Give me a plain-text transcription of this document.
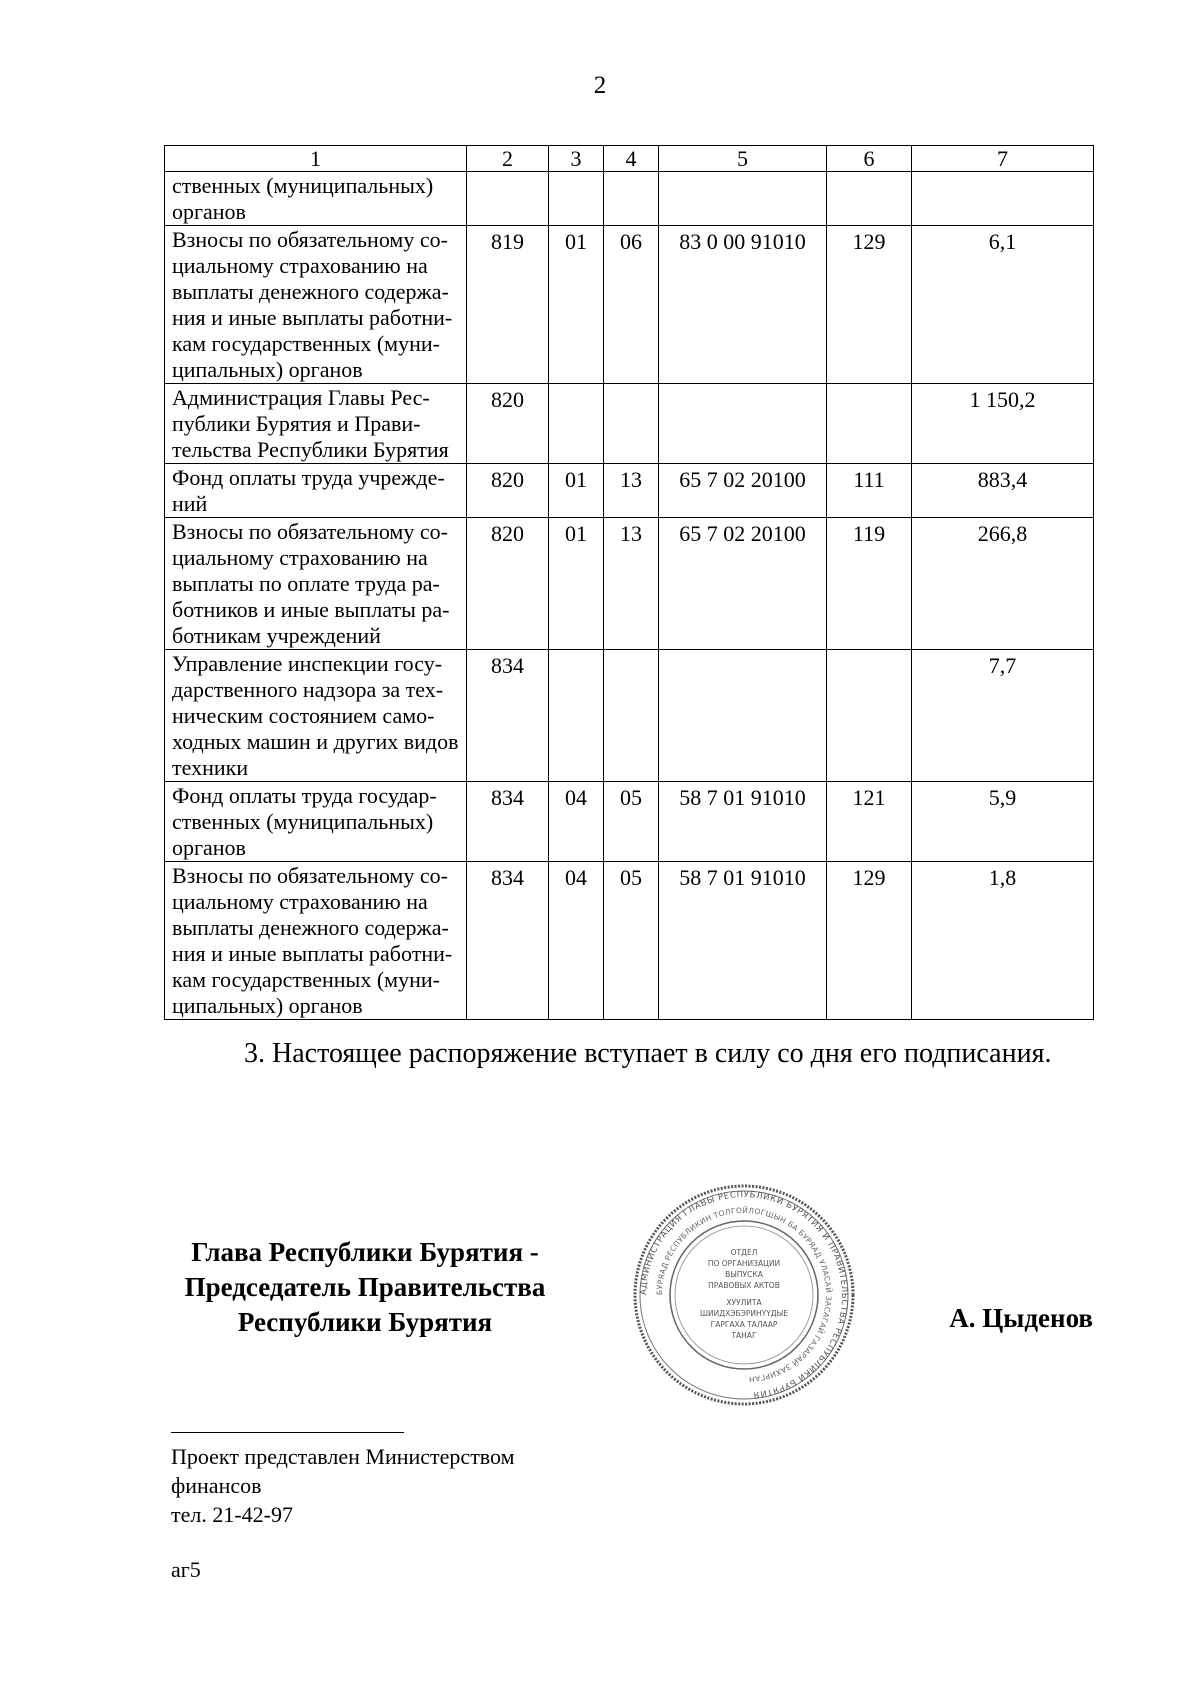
2
1	2	3	4	5	6	7
ственных (муниципальных) органов						
Взносы по обязательному со-циальному страхованию на выплаты денежного содержа-ния и иные выплаты работни-кам государственных (муни-ципальных) органов	819	01	06	83 0 00 91010	129	6,1
Администрация Главы Рес-публики Бурятия и Прави-тельства Республики Бурятия	820					1 150,2
Фонд оплаты труда учрежде-ний	820	01	13	65 7 02 20100	111	883,4
Взносы по обязательному со-циальному страхованию на выплаты по оплате труда ра-ботников и иные выплаты ра-ботникам учреждений	820	01	13	65 7 02 20100	119	266,8
Управление инспекции госу-дарственного надзора за тех-ническим состоянием само-ходных машин и других видов техники	834					7,7
Фонд оплаты труда государ-ственных (муниципальных) органов	834	04	05	58 7 01 91010	121	5,9
Взносы по обязательному со-циальному страхованию на выплаты денежного содержа-ния и иные выплаты работни-кам государственных (муни-ципальных) органов	834	04	05	58 7 01 91010	129	1,8
3. Настоящее распоряжение вступает в силу со дня его подписания.
Глава Республики Бурятия -
Председатель Правительства
Республики Бурятия
АДМИНИСТРАЦИЯ ГЛАВЫ РЕСПУБЛИКИ БУРЯТИЯ И ПРАВИТЕЛЬСТВА РЕСПУБЛИКИ БУРЯТИЯ
БУРЯАД РЕСПУБЛИКИН ТОЛГОЙЛОГШЫН БА БУРЯАД УЛАСАЙ ЗАСАГАЙ ГАЗАРАЙ ЗАХИРГАН
ОТДЕЛ
ПО ОРГАНИЗАЦИИ
ВЫПУСКА
ПРАВОВЫХ АКТОВ
ХУУЛИТА
ШИИДХЭБЭРИНҮҮДЫЕ
ГАРГАХА ТАЛААР
ТАНАГ
А. Цыденов
Проект представлен Министерством
финансов
тел. 21-42-97
аг5
